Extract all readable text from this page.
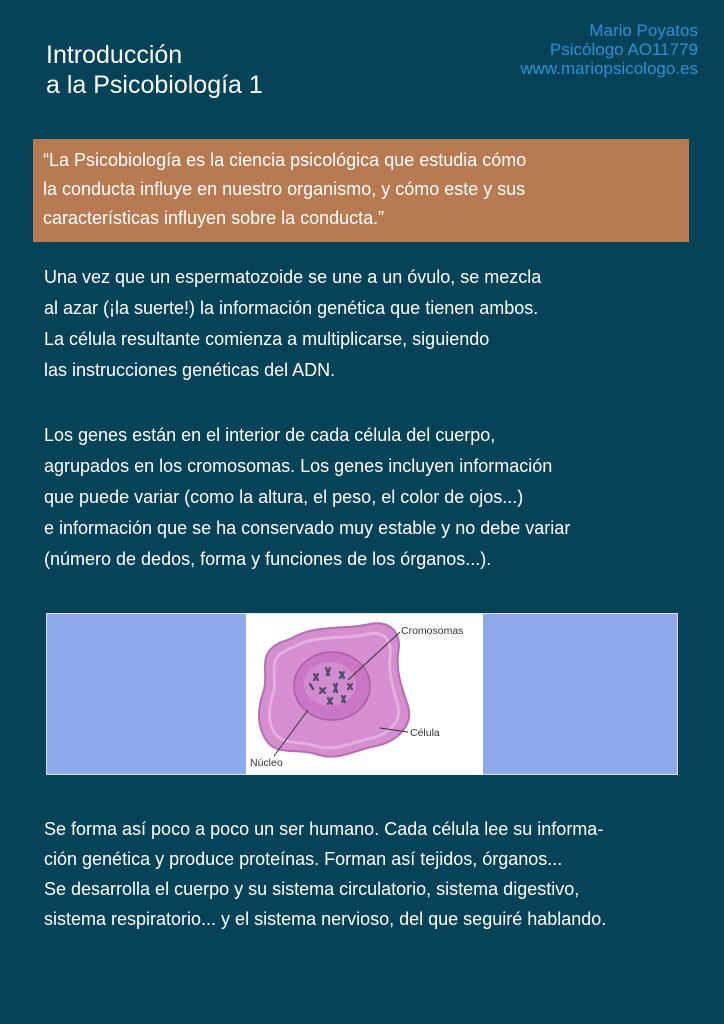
Introducción
a la Psicobiología 1
Mario Poyatos
Psicólogo AO11779
www.mariopsicologo.es
“La Psicobiología es la ciencia psicológica que estudia cómo
la conducta influye en nuestro organismo, y cómo este y sus
características influyen sobre la conducta.”
Una vez que un espermatozoide se une a un óvulo, se mezcla
al azar (¡la suerte!) la información genética que tienen ambos.
La célula resultante comienza a multiplicarse, siguiendo
las instrucciones genéticas del ADN.
Los genes están en el interior de cada célula del cuerpo,
agrupados en los cromosomas. Los genes incluyen información
que puede variar (como la altura, el peso, el color de ojos...)
e información que se ha conservado muy estable y no debe variar
(número de dedos, forma y funciones de los órganos...).
Cromosomas
Célula
Núcleo
Se forma así poco a poco un ser humano. Cada célula lee su informa-
ción genética y produce proteínas. Forman así tejidos, órganos...
Se desarrolla el cuerpo y su sistema circulatorio, sistema digestivo,
sistema respiratorio... y el sistema nervioso, del que seguiré hablando.
